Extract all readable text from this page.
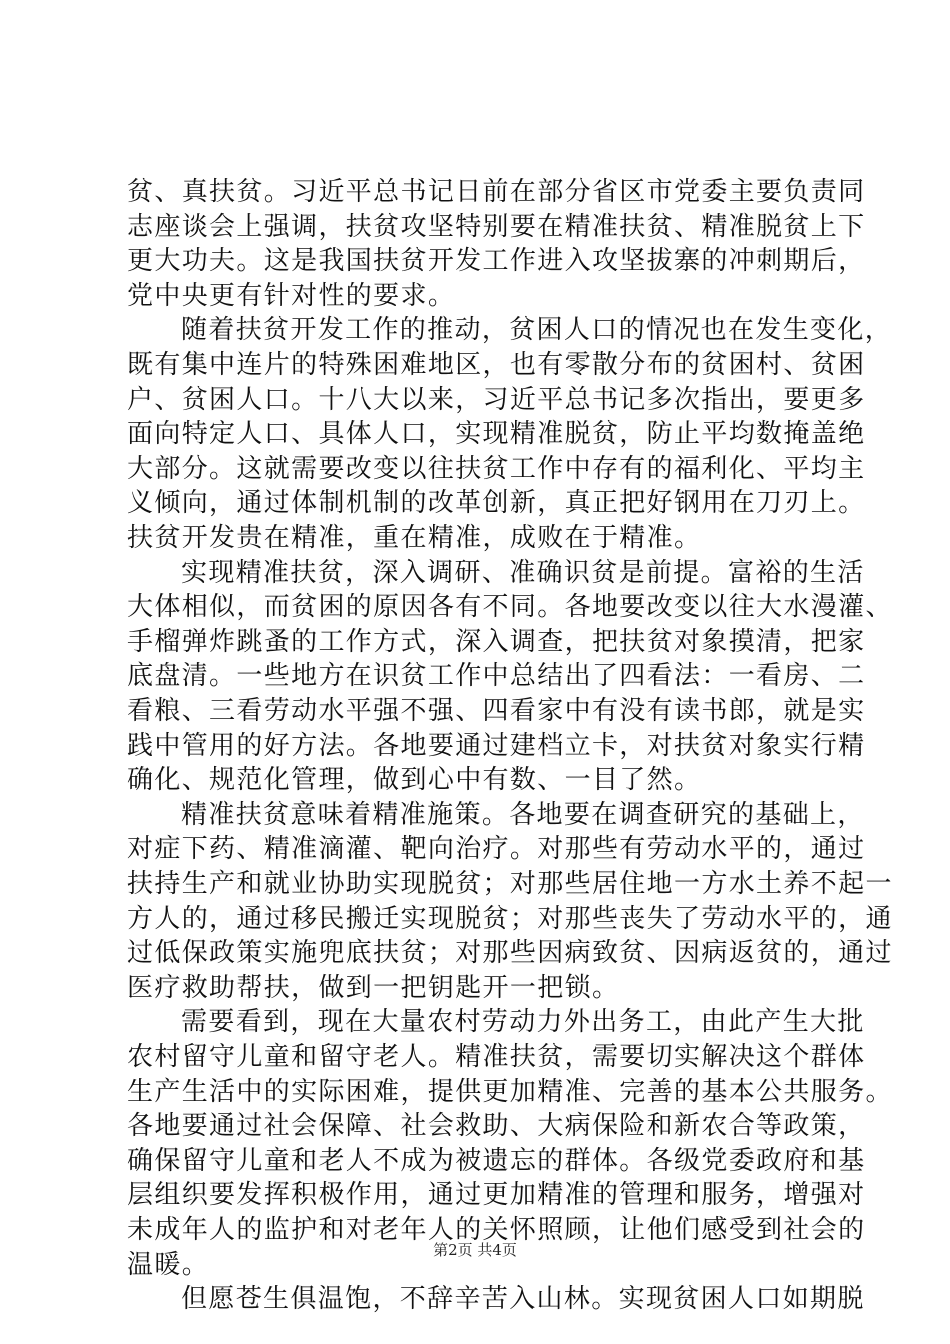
贫、真扶贫。习近平总书记日前在部分省区市党委主要负责同
志座谈会上强调，扶贫攻坚特别要在精准扶贫、精准脱贫上下
更大功夫。这是我国扶贫开发工作进入攻坚拔寨的冲刺期后，
党中央更有针对性的要求。
随着扶贫开发工作的推动，贫困人口的情况也在发生变化，
既有集中连片的特殊困难地区，也有零散分布的贫困村、贫困
户、贫困人口。十八大以来，习近平总书记多次指出，要更多
面向特定人口、具体人口，实现精准脱贫，防止平均数掩盖绝
大部分。这就需要改变以往扶贫工作中存有的福利化、平均主
义倾向，通过体制机制的改革创新，真正把好钢用在刀刃上。
扶贫开发贵在精准，重在精准，成败在于精准。
实现精准扶贫，深入调研、准确识贫是前提。富裕的生活
大体相似，而贫困的原因各有不同。各地要改变以往大水漫灌、
手榴弹炸跳蚤的工作方式，深入调查，把扶贫对象摸清，把家
底盘清。一些地方在识贫工作中总结出了四看法：一看房、二
看粮、三看劳动水平强不强、四看家中有没有读书郎，就是实
践中管用的好方法。各地要通过建档立卡，对扶贫对象实行精
确化、规范化管理，做到心中有数、一目了然。
精准扶贫意味着精准施策。各地要在调查研究的基础上，
对症下药、精准滴灌、靶向治疗。对那些有劳动水平的，通过
扶持生产和就业协助实现脱贫；对那些居住地一方水土养不起一
方人的，通过移民搬迁实现脱贫；对那些丧失了劳动水平的，通
过低保政策实施兜底扶贫；对那些因病致贫、因病返贫的，通过
医疗救助帮扶，做到一把钥匙开一把锁。
需要看到，现在大量农村劳动力外出务工，由此产生大批
农村留守儿童和留守老人。精准扶贫，需要切实解决这个群体
生产生活中的实际困难，提供更加精准、完善的基本公共服务。
各地要通过社会保障、社会救助、大病保险和新农合等政策，
确保留守儿童和老人不成为被遗忘的群体。各级党委政府和基
层组织要发挥积极作用，通过更加精准的管理和服务，增强对
未成年人的监护和对老年人的关怀照顾，让他们感受到社会的
温暖。
但愿苍生俱温饱，不辞辛苦入山林。实现贫困人口如期脱
第2页 共4页
